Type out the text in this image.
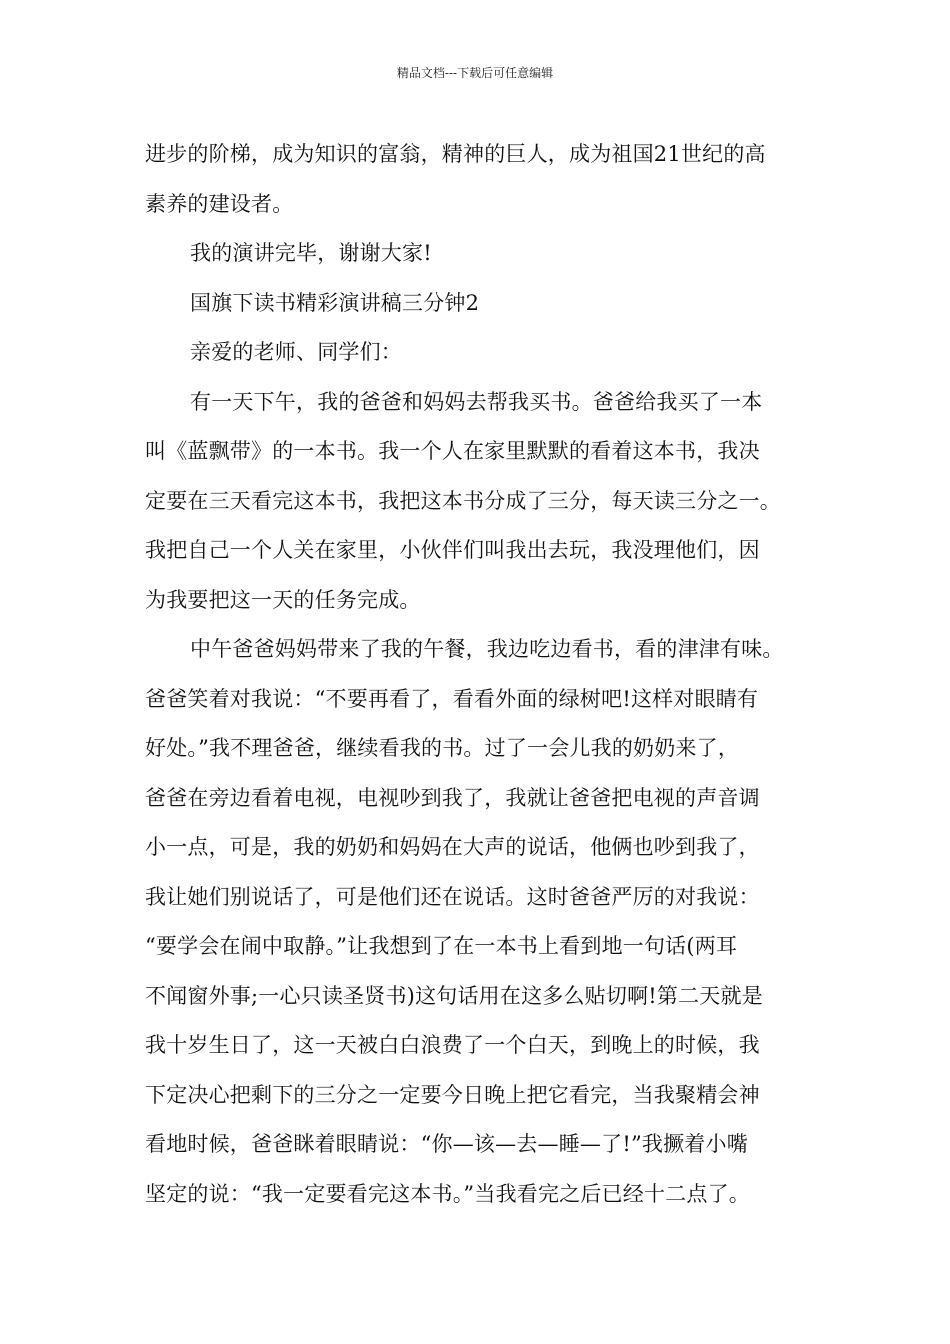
精品文档---下载后可任意编辑
进步的阶梯，成为知识的富翁，精神的巨人，成为祖国21世纪的高
素养的建设者。
我的演讲完毕，谢谢大家!
国旗下读书精彩演讲稿三分钟2
亲爱的老师、同学们：
有一天下午，我的爸爸和妈妈去帮我买书。爸爸给我买了一本
叫《蓝飘带》的一本书。我一个人在家里默默的看着这本书，我决
定要在三天看完这本书，我把这本书分成了三分，每天读三分之一。
我把自己一个人关在家里，小伙伴们叫我出去玩，我没理他们，因
为我要把这一天的任务完成。
中午爸爸妈妈带来了我的午餐，我边吃边看书，看的津津有味。
爸爸笑着对我说：“不要再看了，看看外面的绿树吧!这样对眼睛有
好处。”我不理爸爸，继续看我的书。过了一会儿我的奶奶来了，
爸爸在旁边看着电视，电视吵到我了，我就让爸爸把电视的声音调
小一点，可是，我的奶奶和妈妈在大声的说话，他俩也吵到我了，
我让她们别说话了，可是他们还在说话。这时爸爸严厉的对我说：
“要学会在闹中取静。”让我想到了在一本书上看到地一句话(两耳
不闻窗外事;一心只读圣贤书)这句话用在这多么贴切啊!第二天就是
我十岁生日了，这一天被白白浪费了一个白天，到晚上的时候，我
下定决心把剩下的三分之一定要今日晚上把它看完，当我聚精会神
看地时候，爸爸眯着眼睛说：“你—该—去—睡—了!”我撅着小嘴
坚定的说：“我一定要看完这本书。”当我看完之后已经十二点了。
